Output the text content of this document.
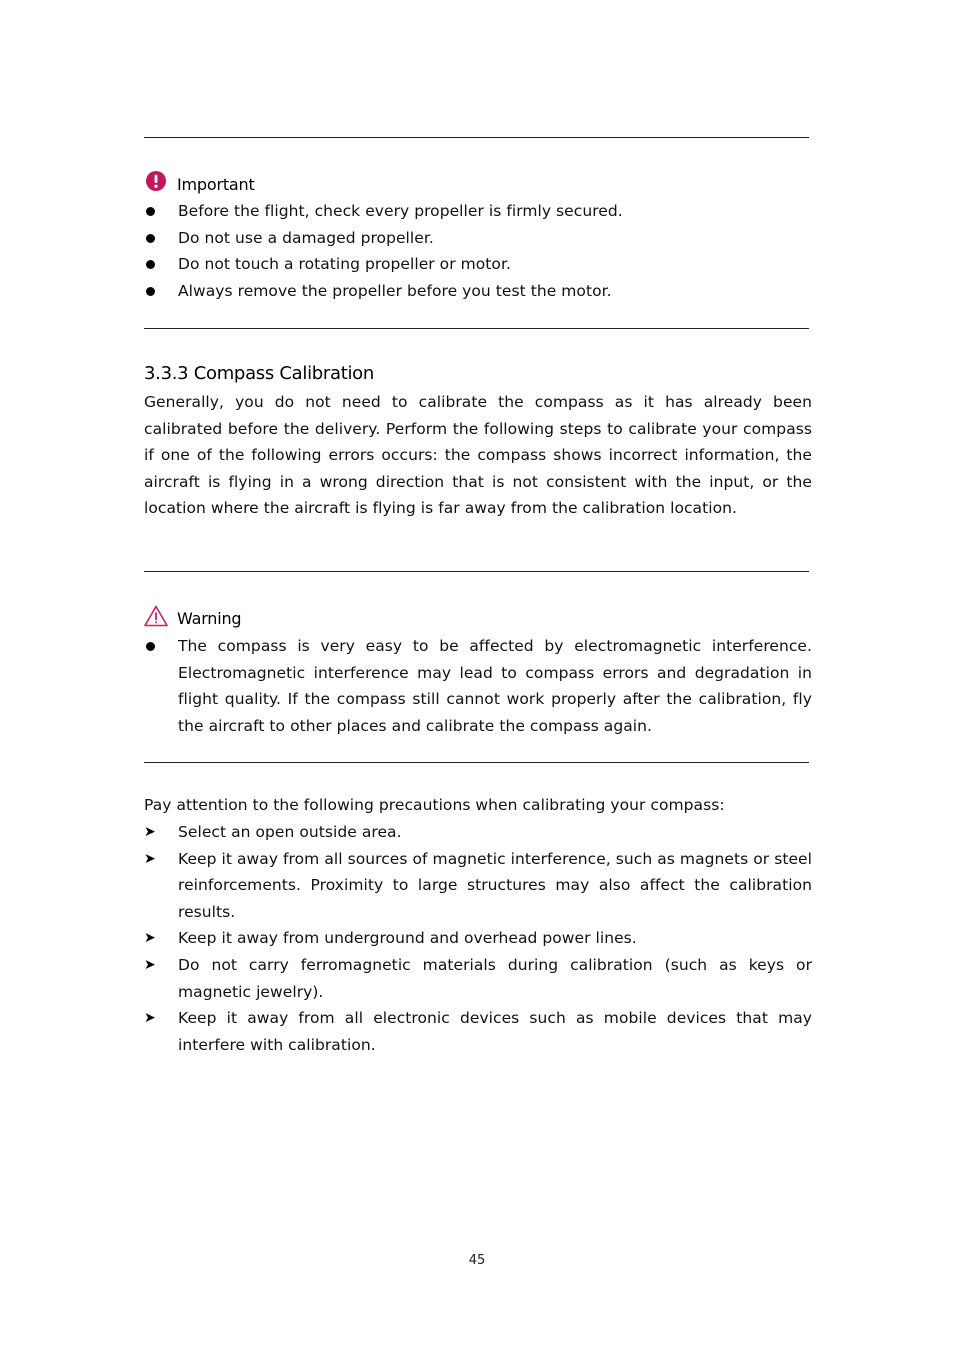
Important
Before the flight, check every propeller is firmly secured.
Do not use a damaged propeller.
Do not touch a rotating propeller or motor.
Always remove the propeller before you test the motor.
3.3.3 Compass Calibration

Generally, you do not need to calibrate the compass as it has already been calibrated before the delivery. Perform the following steps to calibrate your compass if one of the following errors occurs: the compass shows incorrect information, the aircraft is flying in a wrong direction that is not consistent with the input, or the location where the aircraft is flying is far away from the calibration location.

Warning
The compass is very easy to be affected by electromagnetic interference. Electromagnetic interference may lead to compass errors and degradation in flight quality. If the compass still cannot work properly after the calibration, fly the aircraft to other places and calibrate the compass again.

Pay attention to the following precautions when calibrating your compass:

➤ Select an open outside area.
➤ Keep it away from all sources of magnetic interference, such as magnets or steel reinforcements. Proximity to large structures may also affect the calibration results.
➤ Keep it away from underground and overhead power lines.
➤ Do not carry ferromagnetic materials during calibration (such as keys or magnetic jewelry).
➤ Keep it away from all electronic devices such as mobile devices that may interfere with calibration.
45
